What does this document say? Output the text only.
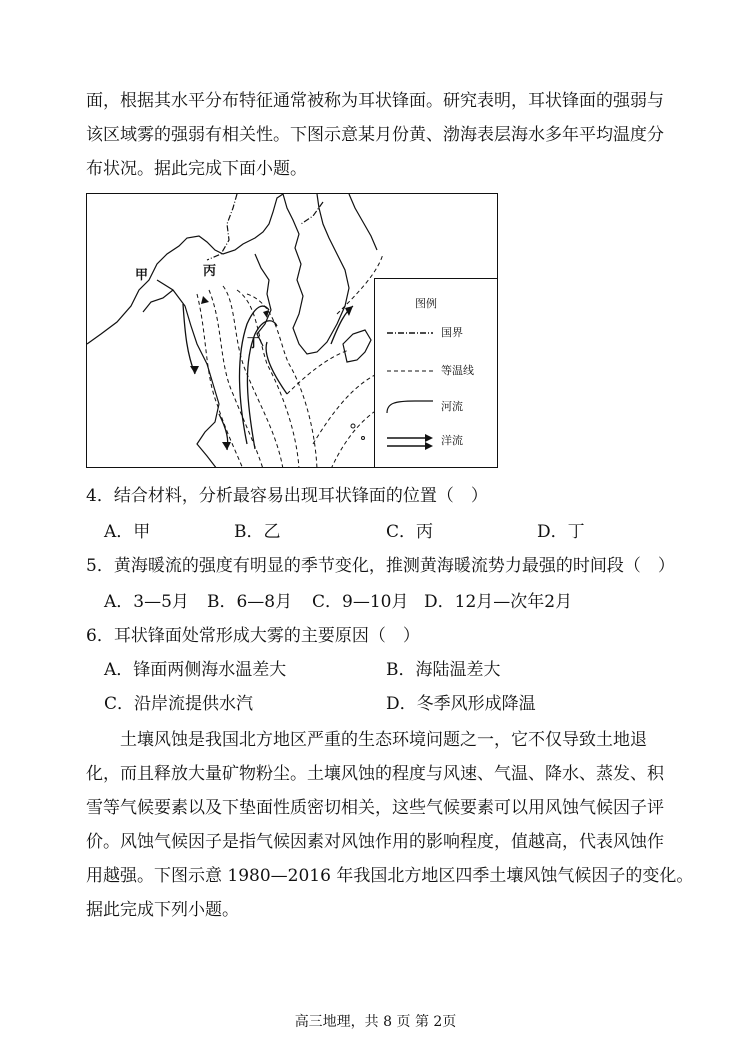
面，根据其水平分布特征通常被称为耳状锋面。研究表明，耳状锋面的强弱与
该区域雾的强弱有相关性。下图示意某月份黄、渤海表层海水多年平均温度分
布状况。据此完成下面小题。
甲	丙
丁
图例
国界
等温线
河流
洋流
4．结合材料，分析最容易出现耳状锋面的位置（　）
A．甲	B．乙	C．丙	D．丁
5．黄海暖流的强度有明显的季节变化，推测黄海暖流势力最强的时间段（　）
A．3—5月 B．6—8月 C．9—10月 D．12月—次年2月
6．耳状锋面处常形成大雾的主要原因（　）
A．锋面两侧海水温差大	B．海陆温差大
C．沿岸流提供水汽	D．冬季风形成降温
土壤风蚀是我国北方地区严重的生态环境问题之一，它不仅导致土地退
化，而且释放大量矿物粉尘。土壤风蚀的程度与风速、气温、降水、蒸发、积
雪等气候要素以及下垫面性质密切相关，这些气候要素可以用风蚀气候因子评
价。风蚀气候因子是指气候因素对风蚀作用的影响程度，值越高，代表风蚀作
用越强。下图示意 1980—2016 年我国北方地区四季土壤风蚀气候因子的变化。
据此完成下列小题。
高三地理，共 8 页 第 2页
